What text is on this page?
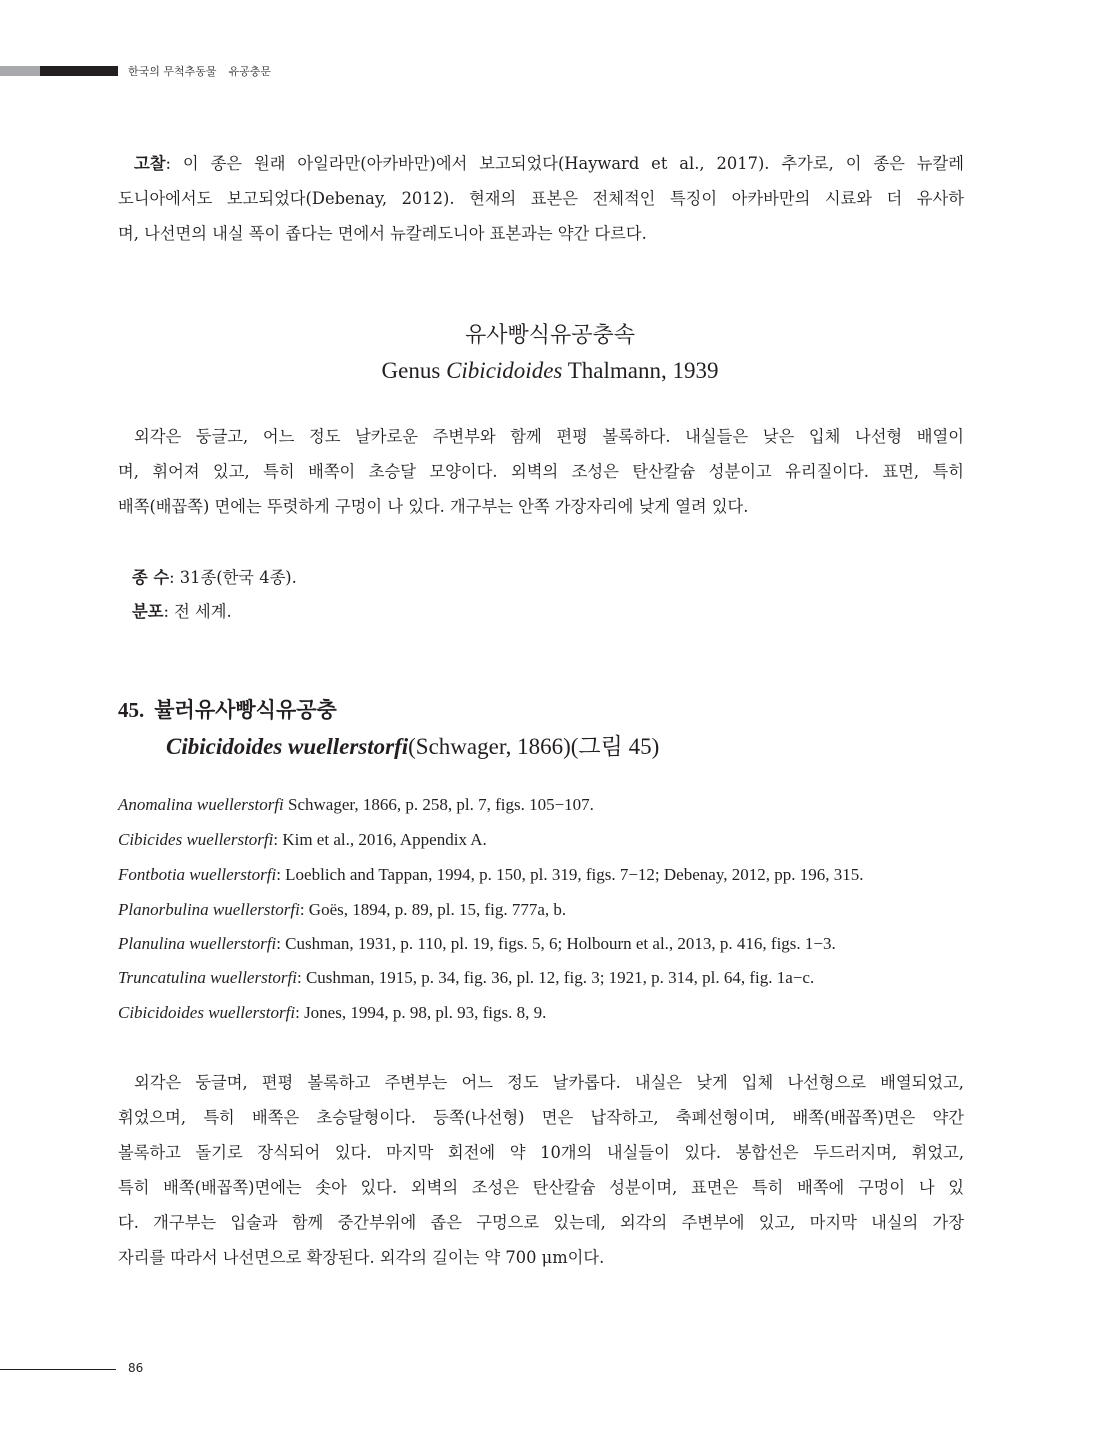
한국의 무척추동물 유공충문
고찰: 이 종은 원래 아일라만(아카바만)에서 보고되었다(Hayward et al., 2017). 추가로, 이 종은 뉴칼레
도니아에서도 보고되었다(Debenay, 2012). 현재의 표본은 전체적인 특징이 아카바만의 시료와 더 유사하
며, 나선면의 내실 폭이 좁다는 면에서 뉴칼레도니아 표본과는 약간 다르다.
유사빵식유공충속
Genus Cibicidoides Thalmann, 1939
외각은 둥글고, 어느 정도 날카로운 주변부와 함께 편평 볼록하다. 내실들은 낮은 입체 나선형 배열이
며, 휘어져 있고, 특히 배쪽이 초승달 모양이다. 외벽의 조성은 탄산칼슘 성분이고 유리질이다. 표면, 특히
배쪽(배꼽쪽) 면에는 뚜렷하게 구멍이 나 있다. 개구부는 안쪽 가장자리에 낮게 열려 있다.
종 수: 31종(한국 4종).
분포: 전 세계.
45. 뷸러유사빵식유공충
Cibicidoides wuellerstorfi(Schwager, 1866)(그림 45)
Anomalina wuellerstorfi Schwager, 1866, p. 258, pl. 7, figs. 105−107.
Cibicides wuellerstorfi: Kim et al., 2016, Appendix A.
Fontbotia wuellerstorfi: Loeblich and Tappan, 1994, p. 150, pl. 319, figs. 7−12; Debenay, 2012, pp. 196, 315.
Planorbulina wuellerstorfi: Goës, 1894, p. 89, pl. 15, fig. 777a, b.
Planulina wuellerstorfi: Cushman, 1931, p. 110, pl. 19, figs. 5, 6; Holbourn et al., 2013, p. 416, figs. 1−3.
Truncatulina wuellerstorfi: Cushman, 1915, p. 34, fig. 36, pl. 12, fig. 3; 1921, p. 314, pl. 64, fig. 1a−c.
Cibicidoides wuellerstorfi: Jones, 1994, p. 98, pl. 93, figs. 8, 9.
외각은 둥글며, 편평 볼록하고 주변부는 어느 정도 날카롭다. 내실은 낮게 입체 나선형으로 배열되었고,
휘었으며, 특히 배쪽은 초승달형이다. 등쪽(나선형) 면은 납작하고, 축폐선형이며, 배쪽(배꼽쪽)면은 약간
볼록하고 돌기로 장식되어 있다. 마지막 회전에 약 10개의 내실들이 있다. 봉합선은 두드러지며, 휘었고,
특히 배쪽(배꼽쪽)면에는 솟아 있다. 외벽의 조성은 탄산칼슘 성분이며, 표면은 특히 배쪽에 구멍이 나 있
다. 개구부는 입술과 함께 중간부위에 좁은 구멍으로 있는데, 외각의 주변부에 있고, 마지막 내실의 가장
자리를 따라서 나선면으로 확장된다. 외각의 길이는 약 700 μm이다.
86
